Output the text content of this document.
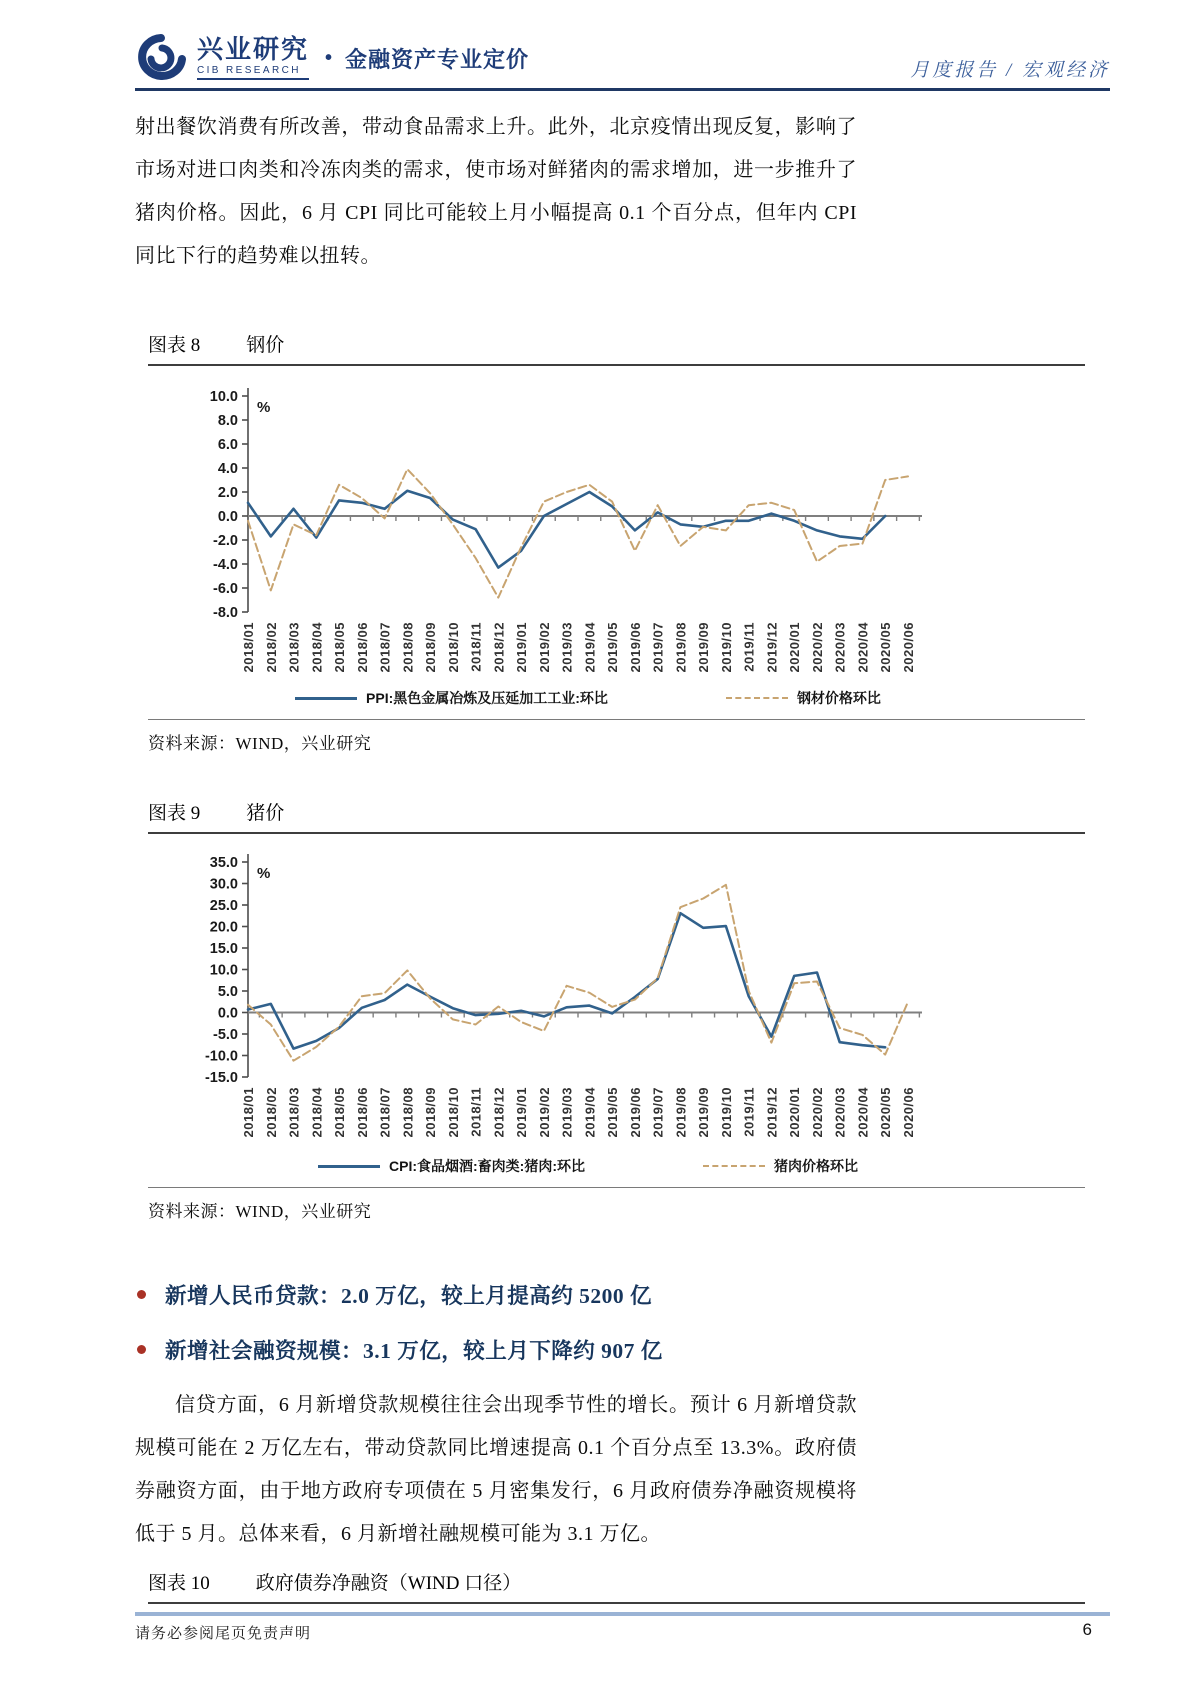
兴业研究
CIB RESEARCH
• 金融资产专业定价	月度报告 / 宏观经济
射出餐饮消费有所改善，带动食品需求上升。此外，北京疫情出现反复，影响了市场对进口肉类和冷冻肉类的需求，使市场对鲜猪肉的需求增加，进一步推升了猪肉价格。因此，6 月 CPI 同比可能较上月小幅提高 0.1 个百分点，但年内 CPI 同比下行的趋势难以扭转。
图表 8 钢价
10.0
8.0
6.0
4.0
2.0
0.0
-2.0
-4.0
-6.0
-8.0
%
2018/01 2018/02 2018/03 2018/04 2018/05 2018/06 2018/07 2018/08 2018/09 2018/10 2018/11 2018/12 2019/01 2019/02 2019/03 2019/04 2019/05 2019/06 2019/07 2019/08 2019/09 2019/10 2019/11 2019/12 2020/01 2020/02 2020/03 2020/04 2020/05 2020/06
PPI:黑色金属冶炼及压延加工工业:环比	钢材价格环比
资料来源：WIND，兴业研究
图表 9 猪价
35.0
30.0
25.0
20.0
15.0
10.0
5.0
0.0
-5.0
-10.0
-15.0
%
2018/01 2018/02 2018/03 2018/04 2018/05 2018/06 2018/07 2018/08 2018/09 2018/10 2018/11 2018/12 2019/01 2019/02 2019/03 2019/04 2019/05 2019/06 2019/07 2019/08 2019/09 2019/10 2019/11 2019/12 2020/01 2020/02 2020/03 2020/04 2020/05 2020/06
CPI:食品烟酒:畜肉类:猪肉:环比	猪肉价格环比
资料来源：WIND，兴业研究
新增人民币贷款：2.0 万亿，较上月提高约 5200 亿
新增社会融资规模：3.1 万亿，较上月下降约 907 亿
信贷方面，6 月新增贷款规模往往会出现季节性的增长。预计 6 月新增贷款规模可能在 2 万亿左右，带动贷款同比增速提高 0.1 个百分点至 13.3%。政府债券融资方面，由于地方政府专项债在 5 月密集发行，6 月政府债券净融资规模将低于 5 月。总体来看，6 月新增社融规模可能为 3.1 万亿。
图表 10 政府债券净融资（WIND 口径）
请务必参阅尾页免责声明	6
